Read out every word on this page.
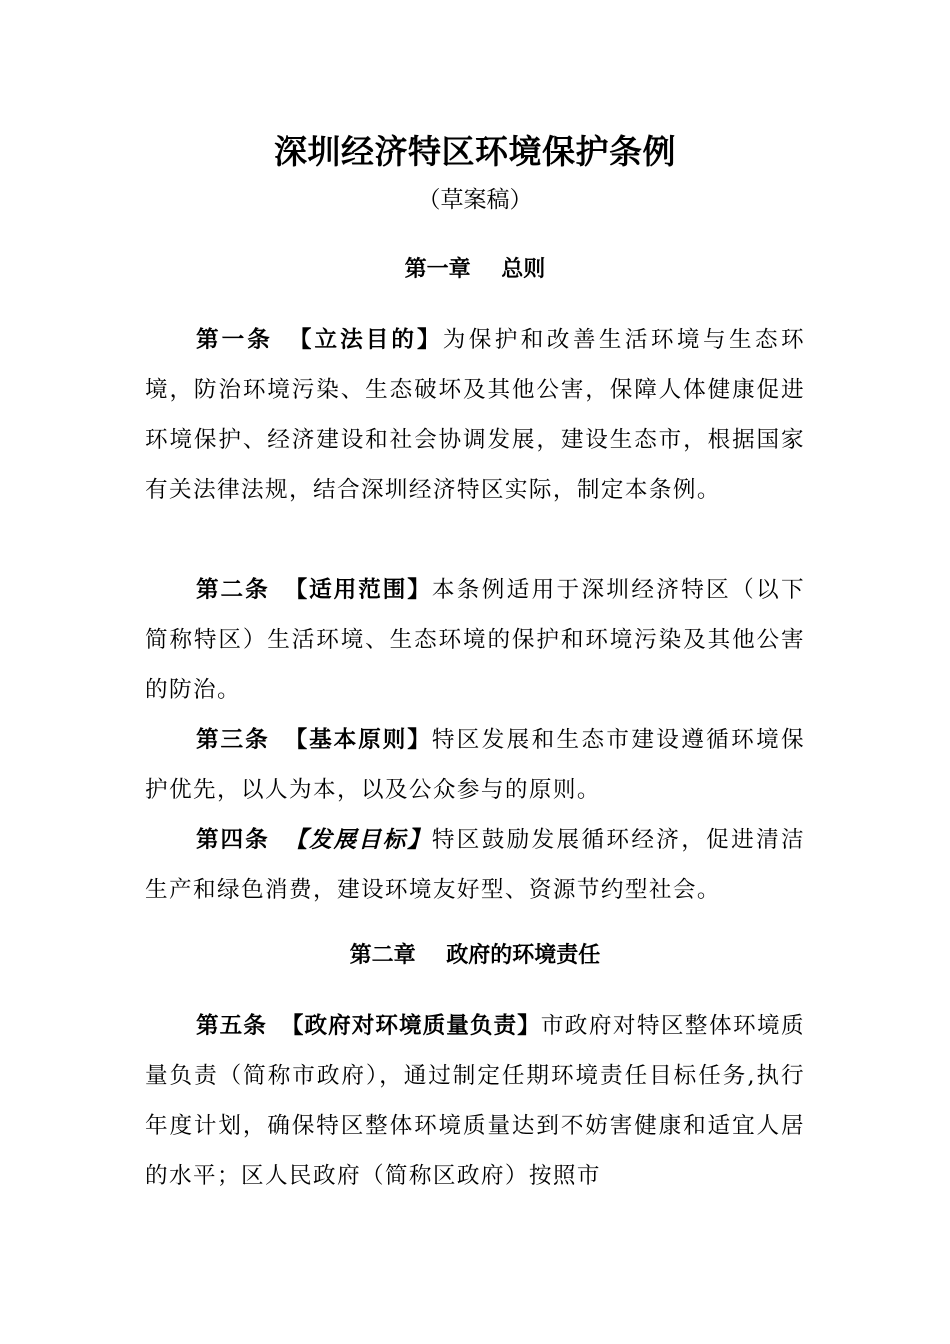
深圳经济特区环境保护条例
（草案稿）
第一章    总则

第一条 【立法目的】为保护和改善生活环境与生态环境，防治环境污染、生态破坏及其他公害，保障人体健康促进环境保护、经济建设和社会协调发展，建设生态市，根据国家有关法律法规，结合深圳经济特区实际，制定本条例。

第二条 【适用范围】本条例适用于深圳经济特区（以下简称特区）生活环境、生态环境的保护和环境污染及其他公害的防治。

第三条 【基本原则】特区发展和生态市建设遵循环境保护优先，以人为本，以及公众参与的原则。

第四条 【发展目标】特区鼓励发展循环经济，促进清洁生产和绿色消费，建设环境友好型、资源节约型社会。

第二章    政府的环境责任

第五条 【政府对环境质量负责】市政府对特区整体环境质量负责（简称市政府），通过制定任期环境责任目标任务,执行年度计划，确保特区整体环境质量达到不妨害健康和适宜人居的水平；区人民政府（简称区政府）按照市
